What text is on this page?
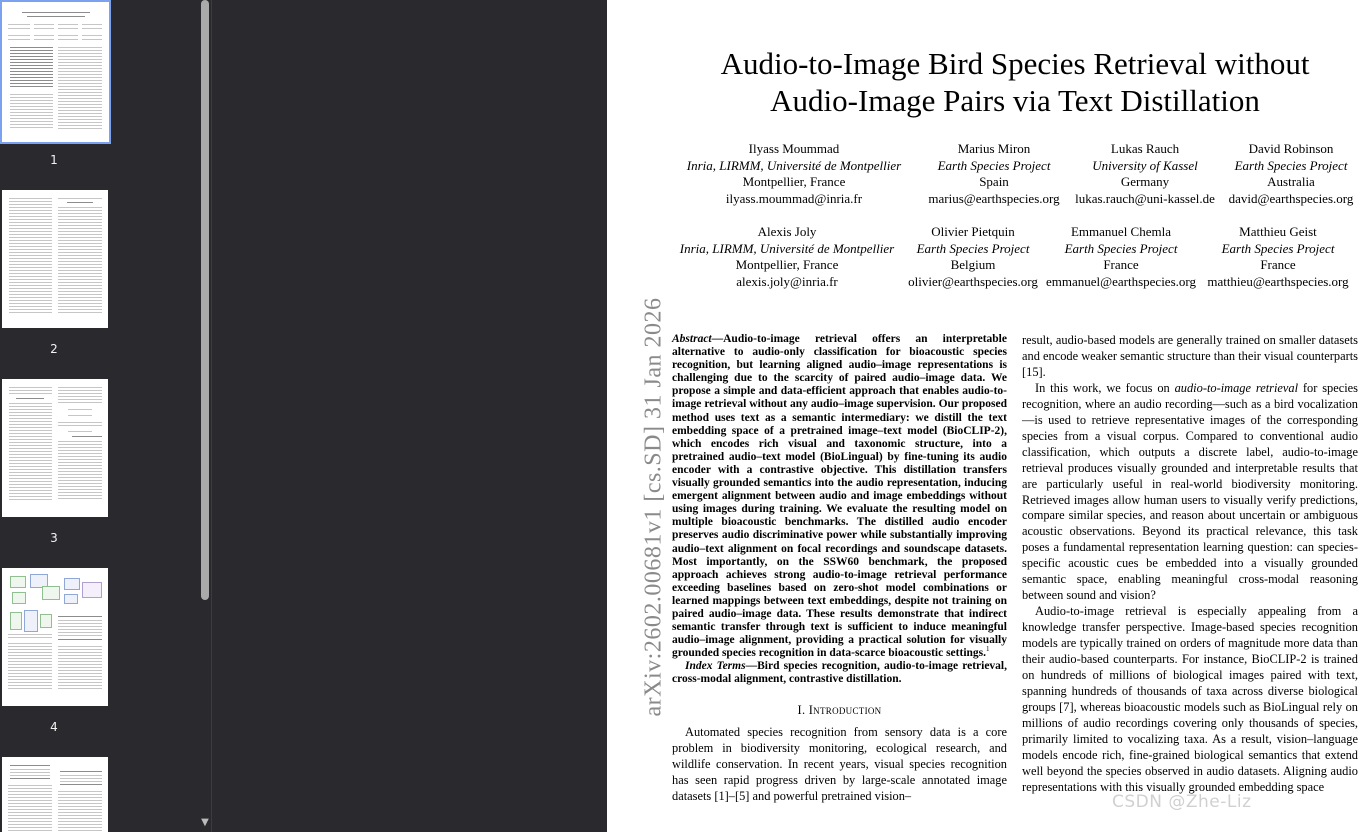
1
2
3
4
▼
Audio-to-Image Bird Species Retrieval without
Audio-Image Pairs via Text Distillation
Ilyass Moummad
Inria, LIRMM, Université de Montpellier
Montpellier, France
ilyass.moummad@inria.fr
Marius Miron
Earth Species Project
Spain
marius@earthspecies.org
Lukas Rauch
University of Kassel
Germany
lukas.rauch@uni-kassel.de
David Robinson
Earth Species Project
Australia
david@earthspecies.org
Alexis Joly
Inria, LIRMM, Université de Montpellier
Montpellier, France
alexis.joly@inria.fr
Olivier Pietquin
Earth Species Project
Belgium
olivier@earthspecies.org
Emmanuel Chemla
Earth Species Project
France
emmanuel@earthspecies.org
Matthieu Geist
Earth Species Project
France
matthieu@earthspecies.org
arXiv:2602.00681v1 [cs.SD] 31 Jan 2026 Abstract—Audio-to-image retrieval offers an interpretable alternative to audio-only classification for bioacoustic species recognition, but learning aligned audio–image representations is challenging due to the scarcity of paired audio–image data. We propose a simple and data-efficient approach that enables audio-to-image retrieval without any audio–image supervision. Our proposed method uses text as a semantic intermediary: we distill the text embedding space of a pretrained image–text model (BioCLIP-2), which encodes rich visual and taxonomic structure, into a pretrained audio–text model (BioLingual) by fine-tuning its audio encoder with a contrastive objective. This distillation transfers visually grounded semantics into the audio representation, inducing emergent alignment between audio and image embeddings without using images during training. We evaluate the resulting model on multiple bioacoustic benchmarks. The distilled audio encoder preserves audio discriminative power while substantially improving audio–text alignment on focal recordings and soundscape datasets. Most importantly, on the SSW60 benchmark, the proposed approach achieves strong audio-to-image retrieval performance exceeding baselines based on zero-shot model combinations or learned mappings between text embeddings, despite not training on paired audio–image data. These results demonstrate that indirect semantic transfer through text is sufficient to induce meaningful audio–image alignment, providing a practical solution for visually grounded species recognition in data-scarce bioacoustic settings.$^1$

Index Terms—Bird species recognition, audio-to-image retrieval, cross-modal alignment, contrastive distillation.

I. Introduction

Automated species recognition from sensory data is a core problem in biodiversity monitoring, ecological research, and wildlife conservation. In recent years, visual species recognition has seen rapid progress driven by large-scale annotated image datasets [1]–[5] and powerful pretrained vision–

result, audio-based models are generally trained on smaller datasets and encode weaker semantic structure than their visual counterparts [15].

In this work, we focus on audio-to-image retrieval for species recognition, where an audio recording—such as a bird vocalization—is used to retrieve representative images of the corresponding species from a visual corpus. Compared to conventional audio classification, which outputs a discrete label, audio-to-image retrieval produces visually grounded and interpretable results that are particularly useful in real-world biodiversity monitoring. Retrieved images allow human users to visually verify predictions, compare similar species, and reason about uncertain or ambiguous acoustic observations. Beyond its practical relevance, this task poses a fundamental representation learning question: can species-specific acoustic cues be embedded into a visually grounded semantic space, enabling meaningful cross-modal reasoning between sound and vision?

Audio-to-image retrieval is especially appealing from a knowledge transfer perspective. Image-based species recognition models are typically trained on orders of magnitude more data than their audio-based counterparts. For instance, BioCLIP-2 is trained on hundreds of millions of biological images paired with text, spanning hundreds of thousands of taxa across diverse biological groups [7], whereas bioacoustic models such as BioLingual rely on millions of audio recordings covering only thousands of species, primarily limited to vocalizing taxa. As a result, vision–language models encode rich, fine-grained biological semantics that extend well beyond the species observed in audio datasets. Aligning audio representations with this visually grounded embedding space

CSDN @Zhe-Liz
